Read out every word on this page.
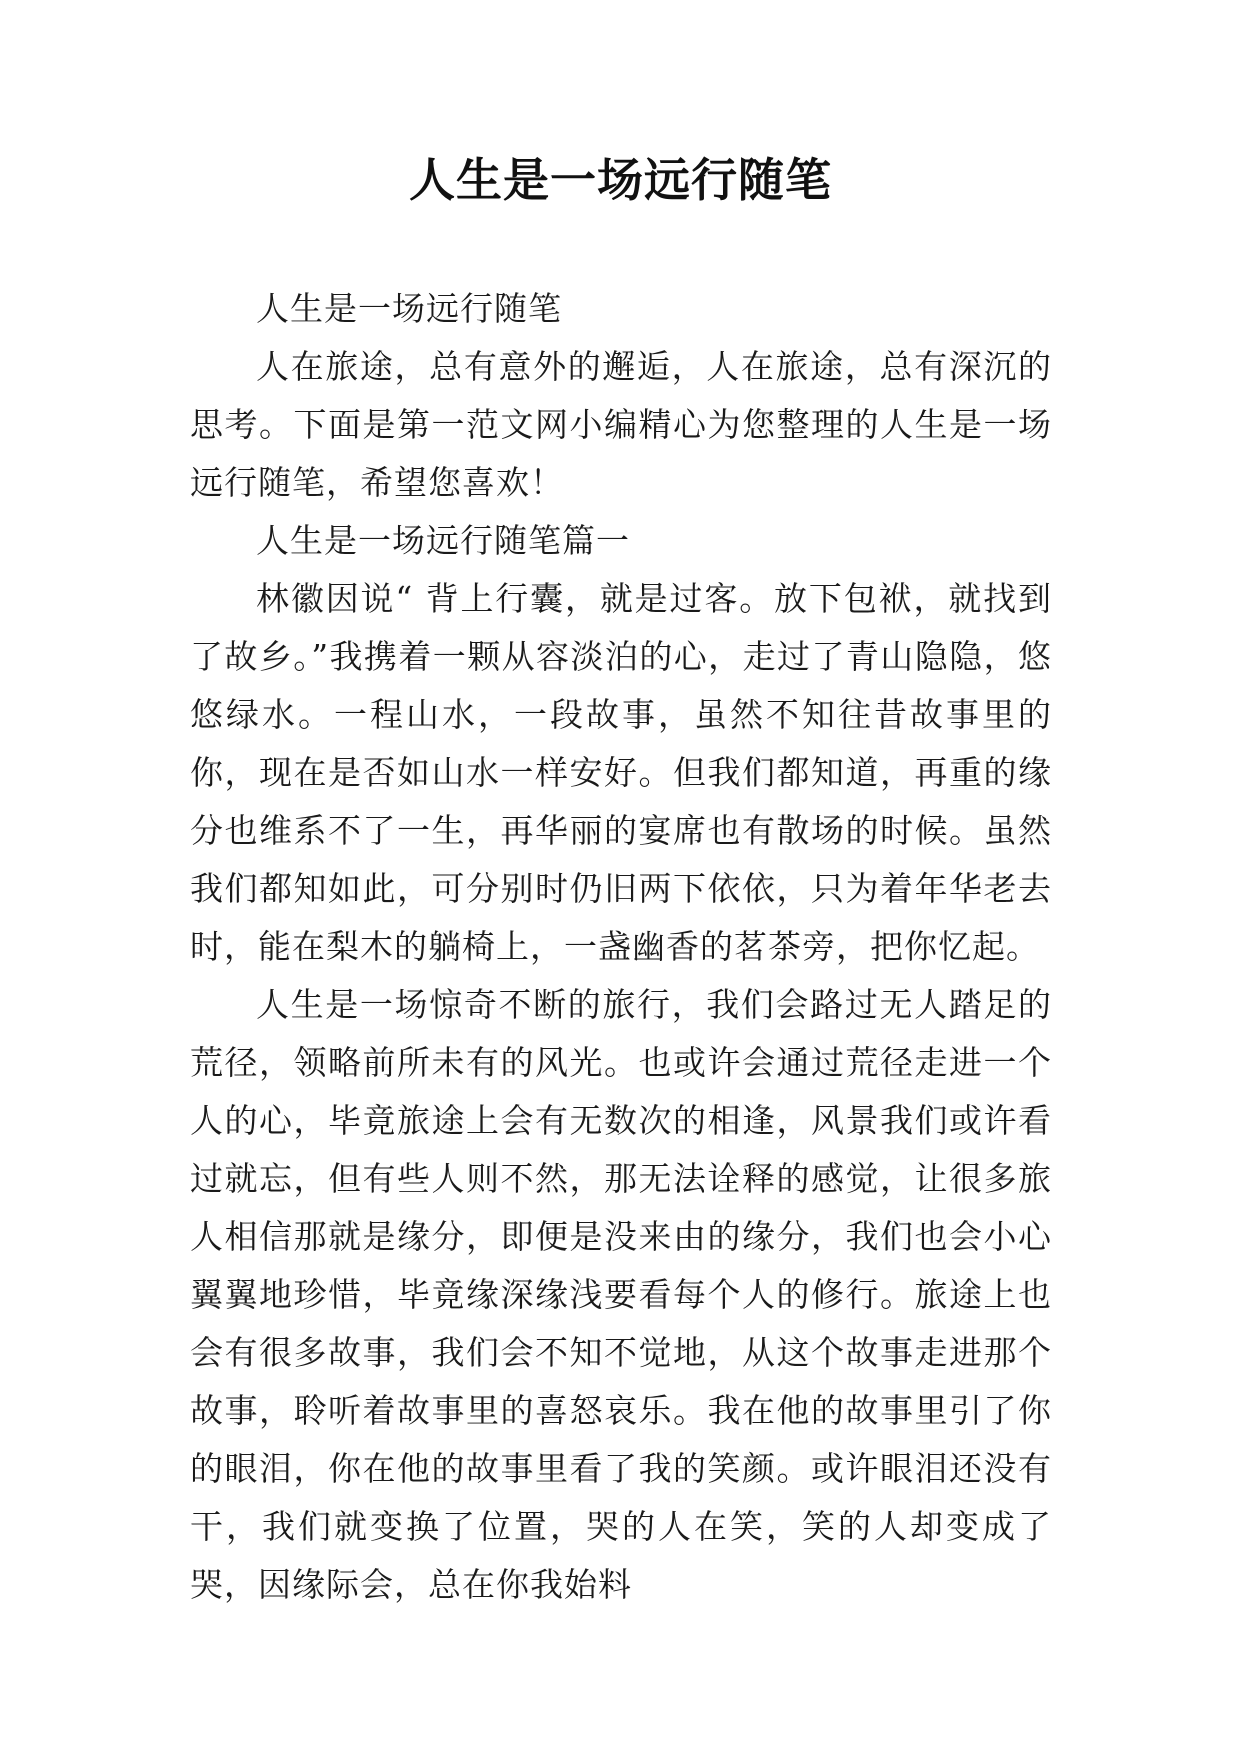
人生是一场远行随笔

人生是一场远行随笔

人在旅途，总有意外的邂逅，人在旅途，总有深沉的思考。下面是第一范文网小编精心为您整理的人生是一场远行随笔，希望您喜欢！

人生是一场远行随笔篇一

林徽因说“ 背上行囊，就是过客。放下包袱，就找到了故乡。”我携着一颗从容淡泊的心，走过了青山隐隐，悠悠绿水。一程山水，一段故事，虽然不知往昔故事里的你，现在是否如山水一样安好。但我们都知道，再重的缘分也维系不了一生，再华丽的宴席也有散场的时候。虽然我们都知如此，可分别时仍旧两下依依，只为着年华老去时，能在梨木的躺椅上，一盏幽香的茗茶旁，把你忆起。

人生是一场惊奇不断的旅行，我们会路过无人踏足的荒径，领略前所未有的风光。也或许会通过荒径走进一个人的心，毕竟旅途上会有无数次的相逢，风景我们或许看过就忘，但有些人则不然，那无法诠释的感觉，让很多旅人相信那就是缘分，即便是没来由的缘分，我们也会小心翼翼地珍惜，毕竟缘深缘浅要看每个人的修行。旅途上也会有很多故事，我们会不知不觉地，从这个故事走进那个故事，聆听着故事里的喜怒哀乐。我在他的故事里引了你的眼泪，你在他的故事里看了我的笑颜。或许眼泪还没有干，我们就变换了位置，哭的人在笑，笑的人却变成了哭，因缘际会，总在你我始料
